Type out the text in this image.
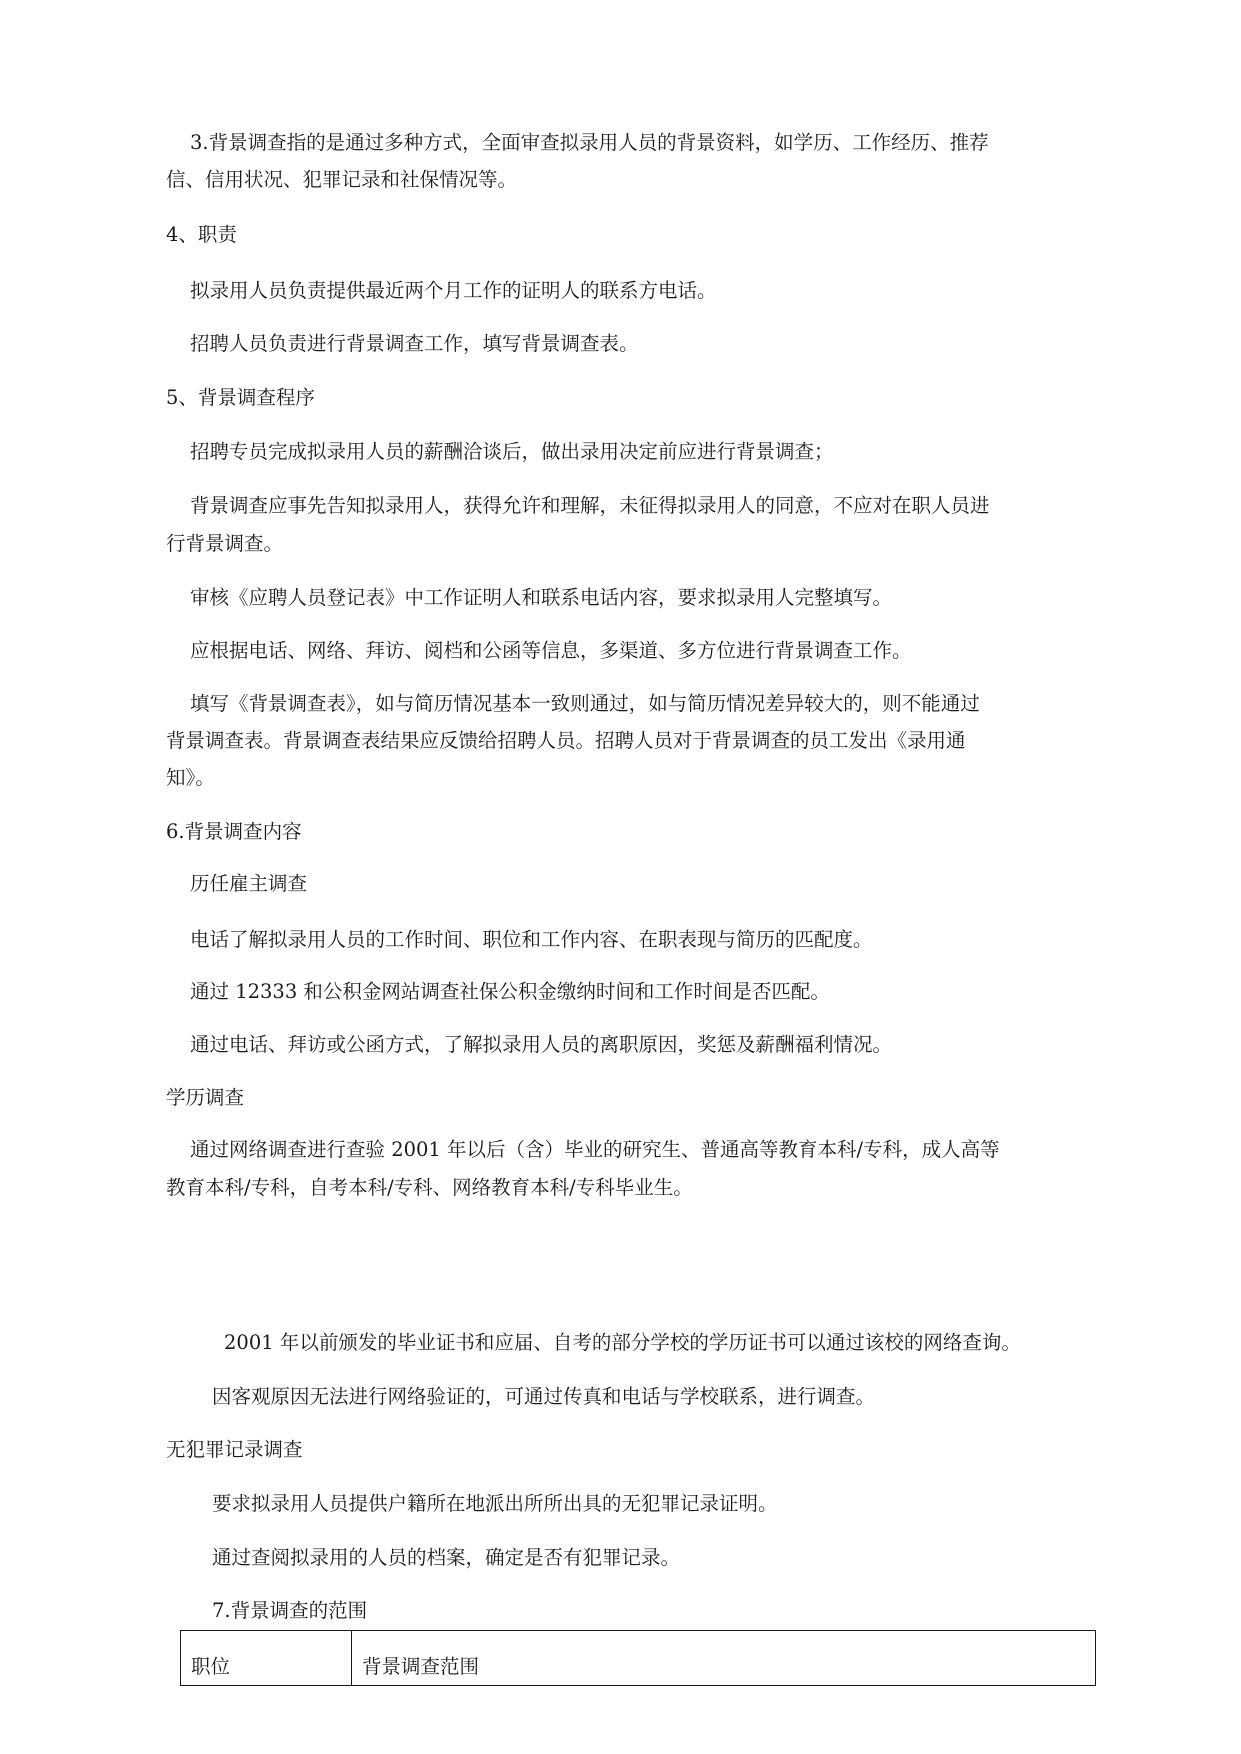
3.背景调查指的是通过多种方式，全面审查拟录用人员的背景资料，如学历、工作经历、推荐
信、信用状况、犯罪记录和社保情况等。
4、职责
拟录用人员负责提供最近两个月工作的证明人的联系方电话。
招聘人员负责进行背景调查工作，填写背景调查表。
5、背景调查程序
招聘专员完成拟录用人员的薪酬洽谈后，做出录用决定前应进行背景调查；
背景调查应事先告知拟录用人，获得允许和理解，未征得拟录用人的同意，不应对在职人员进
行背景调查。
审核《应聘人员登记表》中工作证明人和联系电话内容，要求拟录用人完整填写。
应根据电话、网络、拜访、阅档和公函等信息，多渠道、多方位进行背景调查工作。
填写《背景调查表》，如与简历情况基本一致则通过，如与简历情况差异较大的，则不能通过
背景调查表。背景调查表结果应反馈给招聘人员。招聘人员对于背景调查的员工发出《录用通
知》。
6.背景调查内容
历任雇主调查
电话了解拟录用人员的工作时间、职位和工作内容、在职表现与简历的匹配度。
通过 12333 和公积金网站调查社保公积金缴纳时间和工作时间是否匹配。
通过电话、拜访或公函方式，了解拟录用人员的离职原因，奖惩及薪酬福利情况。
学历调查
通过网络调查进行查验 2001 年以后（含）毕业的研究生、普通高等教育本科/专科，成人高等
教育本科/专科，自考本科/专科、网络教育本科/专科毕业生。
2001 年以前颁发的毕业证书和应届、自考的部分学校的学历证书可以通过该校的网络查询。
因客观原因无法进行网络验证的，可通过传真和电话与学校联系，进行调查。
无犯罪记录调查
要求拟录用人员提供户籍所在地派出所所出具的无犯罪记录证明。
通过查阅拟录用的人员的档案，确定是否有犯罪记录。
7.背景调查的范围
职位	背景调查范围
